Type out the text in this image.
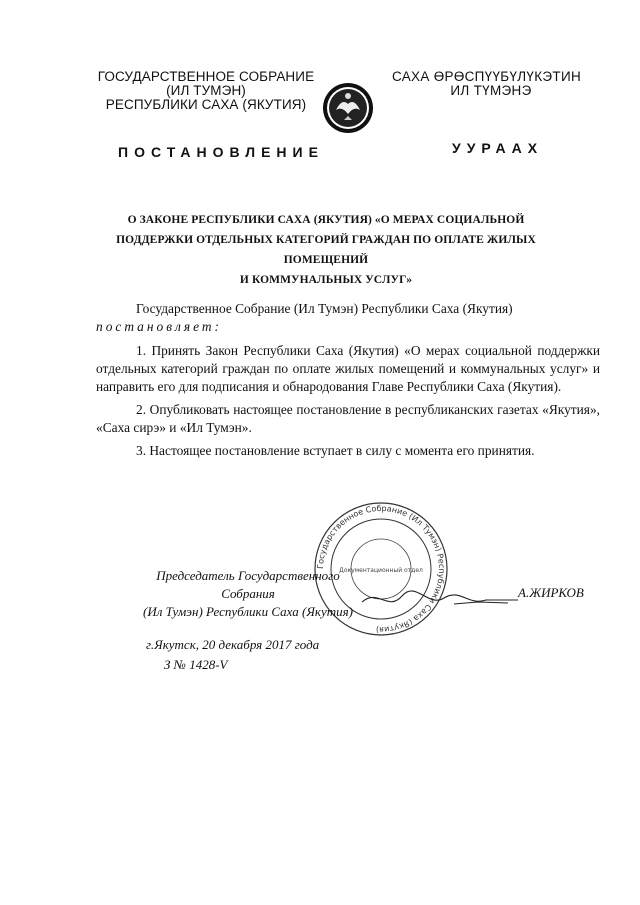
ГОСУДАРСТВЕННОЕ СОБРАНИЕ
(ИЛ ТУМЭН)
РЕСПУБЛИКИ САХА (ЯКУТИЯ)
САХА ӨРӨСПҮҮБҮЛҮКЭТИН
ИЛ ТҮМЭНЭ
ПОСТАНОВЛЕНИЕ	УУРААХ
О ЗАКОНЕ РЕСПУБЛИКИ САХА (ЯКУТИЯ) «О МЕРАХ СОЦИАЛЬНОЙ
ПОДДЕРЖКИ ОТДЕЛЬНЫХ КАТЕГОРИЙ ГРАЖДАН ПО ОПЛАТЕ ЖИЛЫХ ПОМЕЩЕНИЙ
И КОММУНАЛЬНЫХ УСЛУГ»

Государственное Собрание (Ил Тумэн) Республики Саха (Якутия)

постановляет:

1. Принять Закон Республики Саха (Якутия) «О мерах социальной поддержки отдельных категорий граждан по оплате жилых помещений и коммунальных услуг» и направить его для подписания и обнародования Главе Республики Саха (Якутия).

2. Опубликовать настоящее постановление в республиканских газетах «Якутия», «Саха сирэ» и «Ил Тумэн».

3. Настоящее постановление вступает в силу с момента его принятия.

Государственное Собрание (Ил Тумэн) Республики Саха (Якутия)
Документационный отдел
Председатель Государственного Собрания
(Ил Тумэн) Республики Саха (Якутия)
А.ЖИРКОВ
г.Якутск, 20 декабря 2017 года
З № 1428-V
